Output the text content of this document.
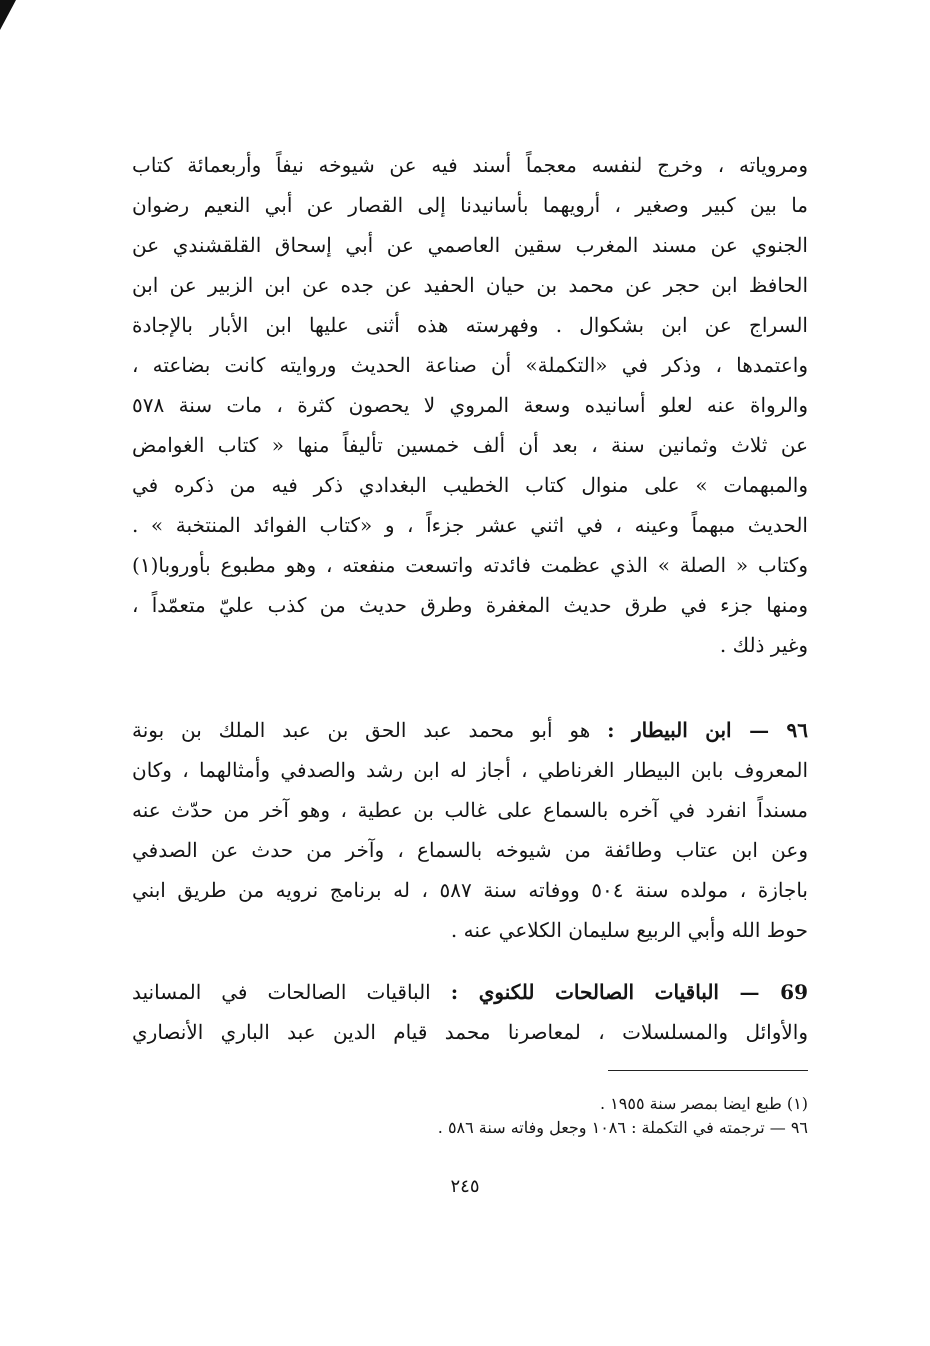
ومروياته ، وخرج لنفسه معجماً أسند فيه عن شيوخه نيفاً وأربعمائة كتاب
ما بين كبير وصغير ، أرويهما بأسانيدنا إلى القصار عن أبي النعيم رضوان
الجنوي عن مسند المغرب سقين العاصمي عن أبي إسحاق القلقشندي عن
الحافظ ابن حجر عن محمد بن حيان الحفيد عن جده عن ابن الزبير عن ابن
السراج عن ابن بشكوال . وفهرسته هذه أثنى عليها ابن الأبار بالإجادة
واعتمدها ، وذكر في «التكملة» أن صناعة الحديث وروايته كانت بضاعته ،
والرواة عنه لعلو أسانيده وسعة المروي لا يحصون كثرة ، مات سنة ٥٧٨
عن ثلاث وثمانين سنة ، بعد أن ألف خمسين تأليفاً منها « كتاب الغوامض
والمبهمات » على منوال كتاب الخطيب البغدادي ذكر فيه من ذكره في
الحديث مبهماً وعينه ، في اثني عشر جزءاً ، و «كتاب الفوائد المنتخبة » .
وكتاب « الصلة » الذي عظمت فائدته واتسعت منفعته ، وهو مطبوع بأوروبا(١)
ومنها جزء في طرق حديث المغفرة وطرق حديث من كذب عليّ متعمّداً ،
وغير ذلك .
٩٦ — ابن البيطار : هو أبو محمد عبد الحق بن عبد الملك بن بونة
المعروف بابن البيطار الغرناطي ، أجاز له ابن رشد والصدفي وأمثالهما ، وكان
مسنداً انفرد في آخره بالسماع على غالب بن عطية ، وهو آخر من حدّث عنه
وعن ابن عتاب وطائفة من شيوخه بالسماع ، وآخر من حدث عن الصدفي
باجازة ، مولده سنة ٥٠٤ ووفاته سنة ٥٨٧ ، له برنامج نرويه من طريق ابني
حوط الله وأبي الربيع سليمان الكلاعي عنه .
69 — الباقيات الصالحات للكنوي : الباقيات الصالحات في المسانيد
والأوائل والمسلسلات ، لمعاصرنا محمد قيام الدين عبد الباري الأنصاري
(١) طبع ايضا بمصر سنة ١٩٥٥ .
٩٦ — ترجمته في التكملة : ١٠٨٦ وجعل وفاته سنة ٥٨٦ .
٢٤٥
